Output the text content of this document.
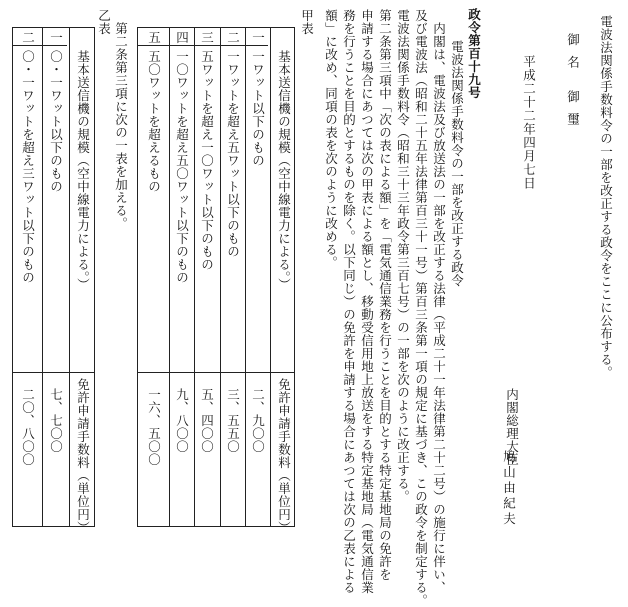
電波法関係手数料令の一部を改正する政令をここに公布する。
御名
御璽
平成二十二年四月七日
内閣総理大臣
鳩山由紀夫
政令第百十九号
電波法関係手数料令の一部を改正する政令
内閣は、電波法及び放送法の一部を改正する法律（平成二十一年法律第二十二号）の施行に伴い、
及び電波法（昭和二十五年法律第百三十一号）第百三条第一項の規定に基づき、この政令を制定する。
電波法関係手数料令（昭和三十三年政令第三百七号）の一部を次のように改正する。
第二条第三項中「次の表による額」を「電気通信業務を行うことを目的とする特定基地局の免許を
申請する場合にあつては次の甲表による額とし、移動受信用地上放送をする特定基地局（電気通信業
務を行うことを目的とするものを除く。以下同じ）の免許を申請する場合にあつては次の乙表による
額」に改め、同項の表を次のように改める。
甲表
基本送信機の規模（空中線電力による。）
免許申請手数料（単位円）
一
一ワット以下のもの
二、九〇〇
二
一ワットを超え五ワット以下のもの
三、五五〇
三
五ワットを超え一〇ワット以下のもの
五、四〇〇
四
一〇ワットを超え五〇ワット以下のもの
九、八〇〇
五
五〇ワットを超えるもの
一六、五〇〇
第二条第三項に次の一表を加える。
乙表
基本送信機の規模（空中線電力による。）
免許申請手数料（単位円）
一
〇・一ワット以下のもの
七、七〇〇
二
〇・一ワットを超え三ワット以下のもの
二〇、八〇〇
